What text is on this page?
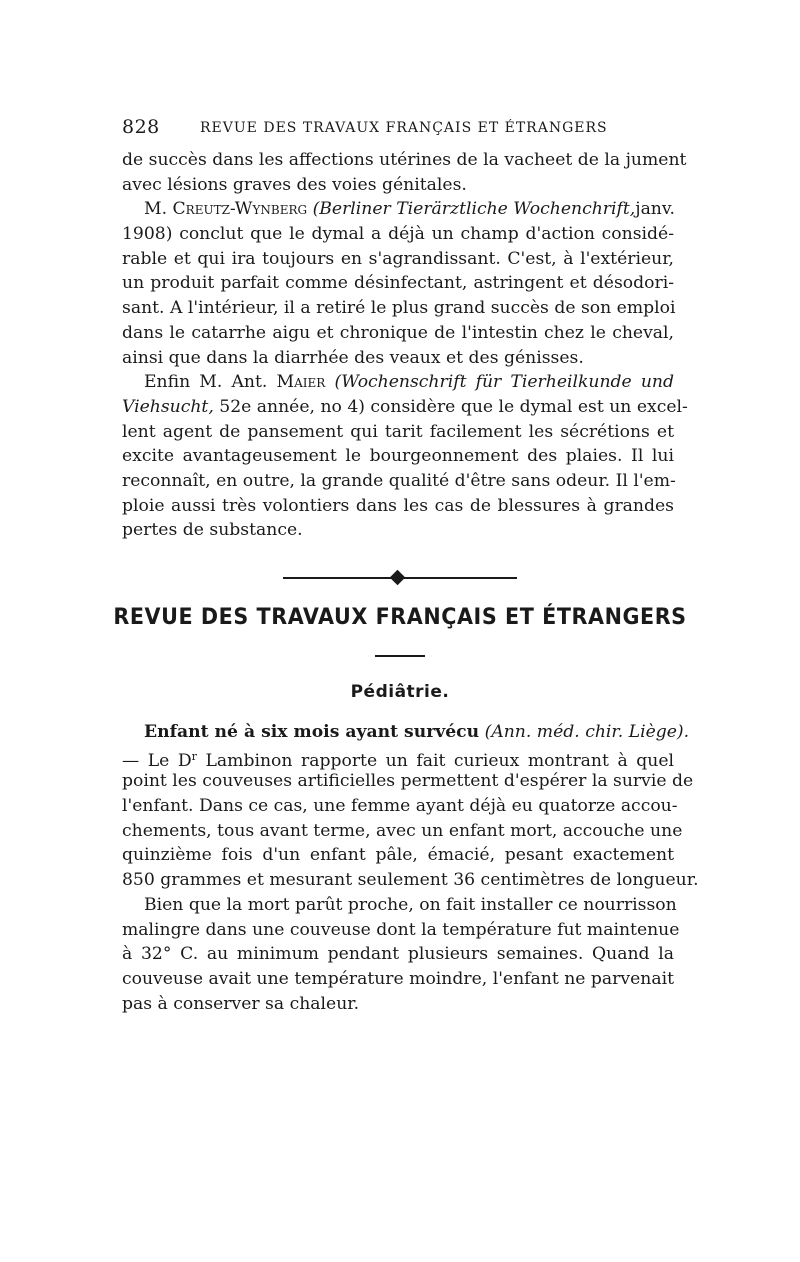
828	REVUE DES TRAVAUX FRANÇAIS ET ÉTRANGERS
de succès dans les affections utérines de la vacheet de la jument
avec lésions graves des voies génitales.
M. Creutz-Wynberg (Berliner Tierärztliche Wochenchrift,janv.
1908) conclut que le dymal a déjà un champ d'action considé-
rable et qui ira toujours en s'agrandissant. C'est, à l'extérieur,
un produit parfait comme désinfectant, astringent et désodori-
sant. A l'intérieur, il a retiré le plus grand succès de son emploi
dans le catarrhe aigu et chronique de l'intestin chez le cheval,
ainsi que dans la diarrhée des veaux et des génisses.
Enfin M. Ant. Maier (Wochenschrift für Tierheilkunde und
Viehsucht, 52e année, no 4) considère que le dymal est un excel-
lent agent de pansement qui tarit facilement les sécrétions et
excite avantageusement le bourgeonnement des plaies. Il lui
reconnaît, en outre, la grande qualité d'être sans odeur. Il l'em-
ploie aussi très volontiers dans les cas de blessures à grandes
pertes de substance.
REVUE DES TRAVAUX FRANÇAIS ET ÉTRANGERS
Pédiâtrie.
Enfant né à six mois ayant survécu (Ann. méd. chir. Liège).
— Le $D^r$ Lambinon rapporte un fait curieux montrant à quel
point les couveuses artificielles permettent d'espérer la survie de
l'enfant. Dans ce cas, une femme ayant déjà eu quatorze accou-
chements, tous avant terme, avec un enfant mort, accouche une
quinzième fois d'un enfant pâle, émacié, pesant exactement
850 grammes et mesurant seulement 36 centimètres de longueur.
Bien que la mort parût proche, on fait installer ce nourrisson
malingre dans une couveuse dont la température fut maintenue
à 32° C. au minimum pendant plusieurs semaines. Quand la
couveuse avait une température moindre, l'enfant ne parvenait
pas à conserver sa chaleur.
